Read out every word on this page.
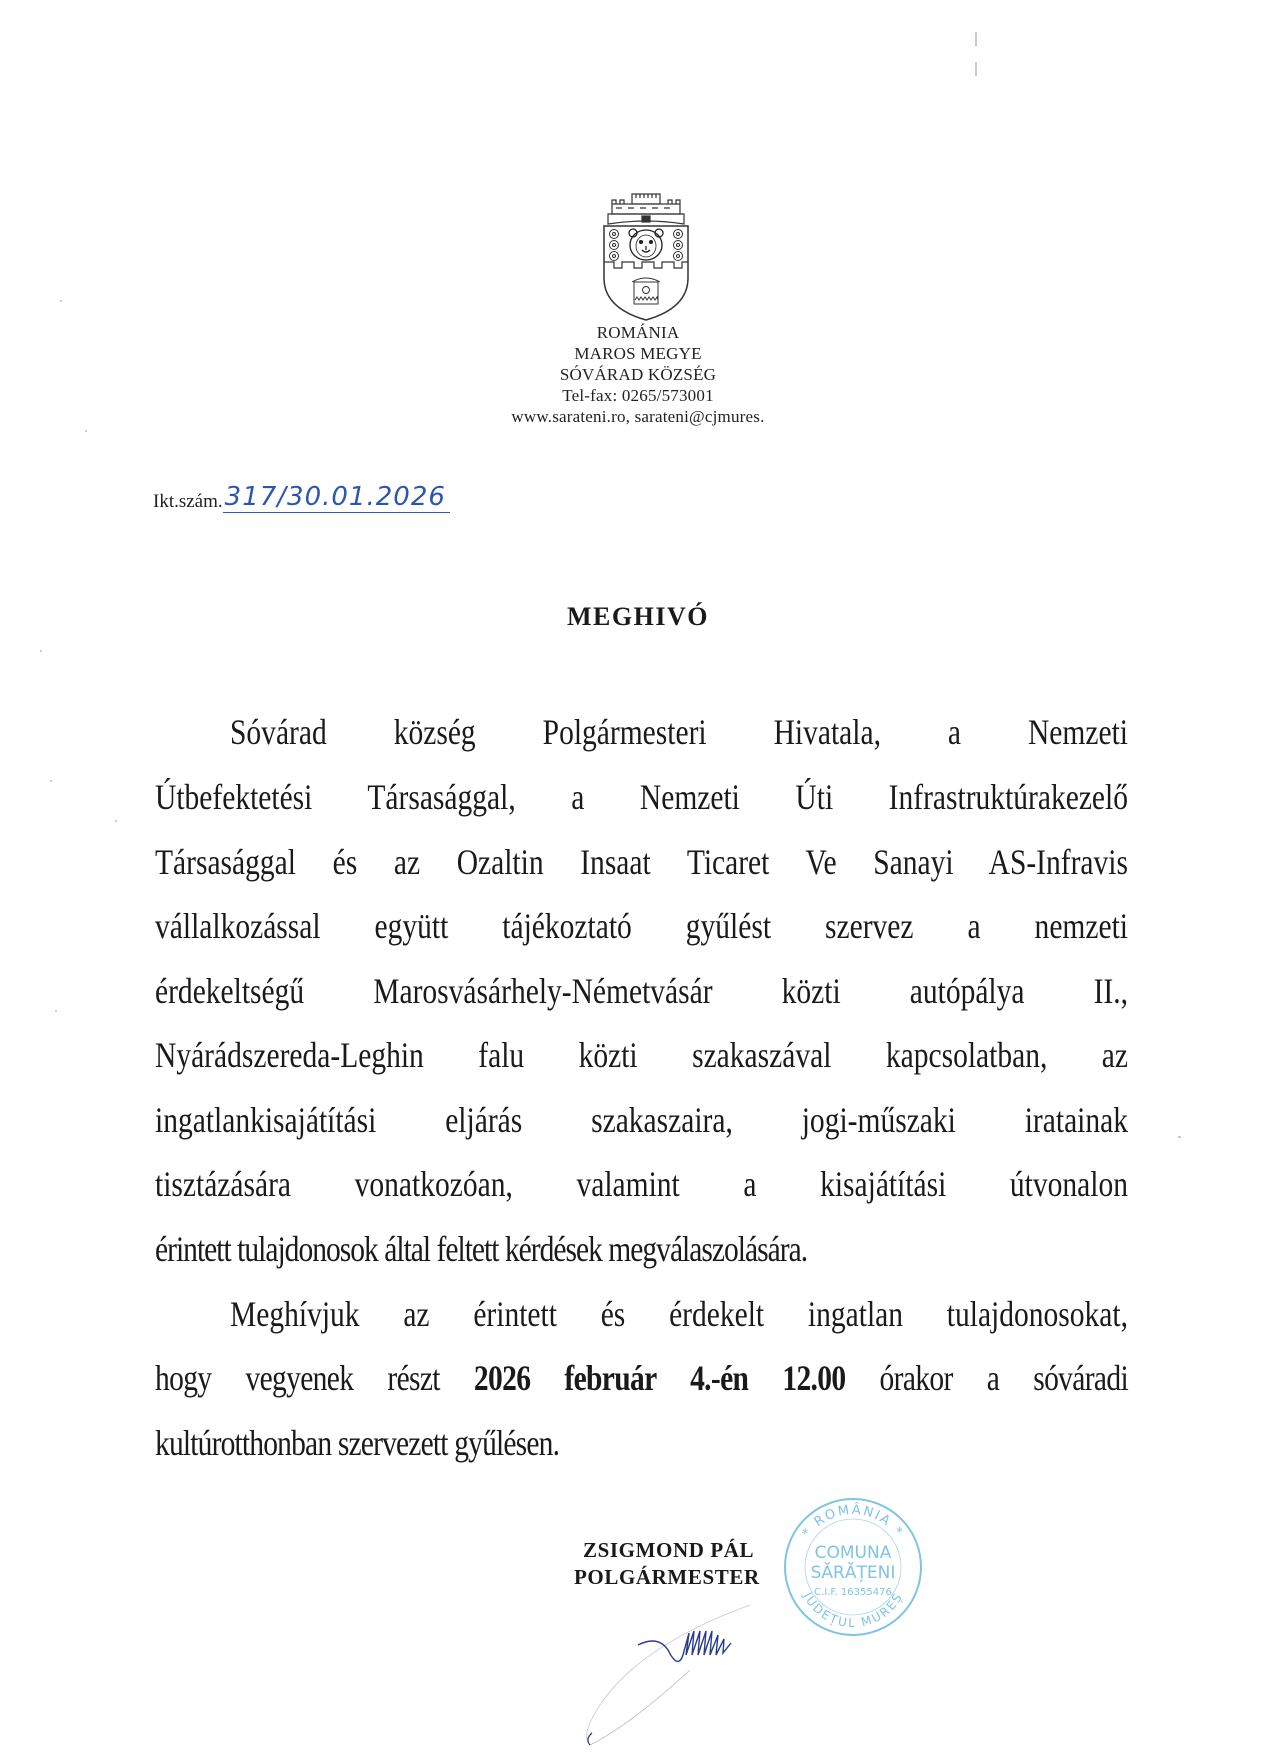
ROMÁNIA
MAROS MEGYE
SÓVÁRAD KÖZSÉG
Tel-fax: 0265/573001
www.sarateni.ro, sarateni@cjmures.
Ikt.szám.317/30.01.2026
MEGHIVÓ
Sóvárad község Polgármesteri Hivatala, a Nemzeti
Útbefektetési Társasággal, a Nemzeti Úti Infrastruktúrakezelő
Társasággal és az Ozaltin Insaat Ticaret Ve Sanayi AS-Infravis
vállalkozással együtt tájékoztató gyűlést szervez a nemzeti
érdekeltségű Marosvásárhely-Németvásár közti autópálya II.,
Nyárádszereda-Leghin falu közti szakaszával kapcsolatban, az
ingatlankisajátítási eljárás szakaszaira, jogi-műszaki iratainak
tisztázására vonatkozóan, valamint a kisajátítási útvonalon
érintett tulajdonosok által feltett kérdések megválaszolására.
Meghívjuk az érintett és érdekelt ingatlan tulajdonosokat,
hogy vegyenek részt 2026 február 4.-én 12.00 órakor a sóváradi
kultúrotthonban szervezett gyűlésen.
ZSIGMOND PÁL
POLGÁRMESTER
* ROMÂNIA *
JUDEȚUL MUREȘ
COMUNA
SĂRĂȚENI
C.I.F. 16355476
